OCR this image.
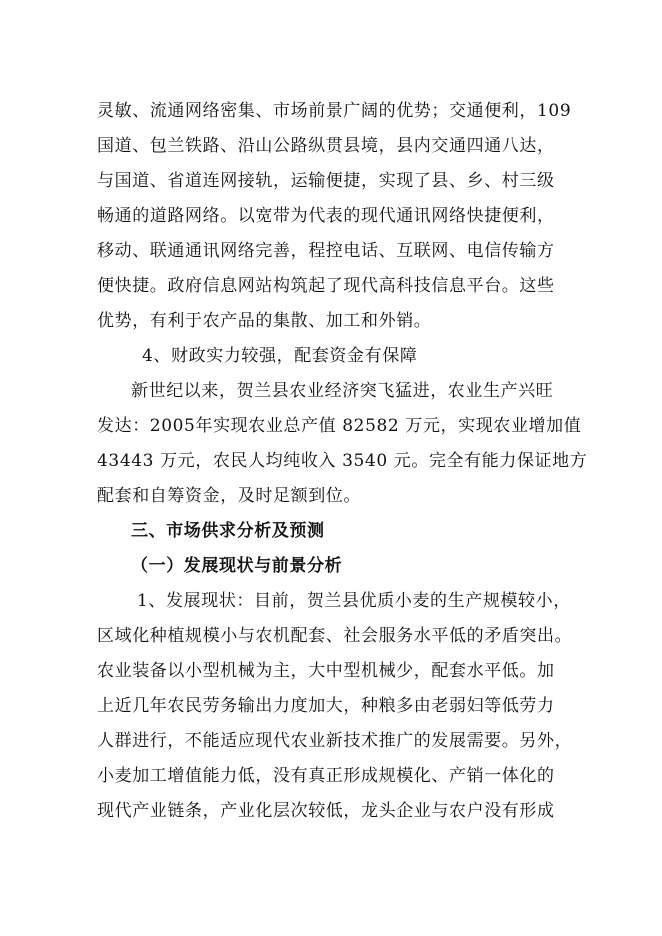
灵敏、流通网络密集、市场前景广阔的优势；交通便利，109
国道、包兰铁路、沿山公路纵贯县境，县内交通四通八达，
与国道、省道连网接轨，运输便捷，实现了县、乡、村三级
畅通的道路网络。以宽带为代表的现代通讯网络快捷便利，
移动、联通通讯网络完善，程控电话、互联网、电信传输方
便快捷。政府信息网站构筑起了现代高科技信息平台。这些
优势，有利于农产品的集散、加工和外销。
4、财政实力较强，配套资金有保障
新世纪以来，贺兰县农业经济突飞猛进，农业生产兴旺
发达：2005年实现农业总产值 82582 万元，实现农业增加值
43443 万元，农民人均纯收入 3540 元。完全有能力保证地方
配套和自筹资金，及时足额到位。
三、市场供求分析及预测
（一）发展现状与前景分析
1、发展现状：目前，贺兰县优质小麦的生产规模较小，
区域化种植规模小与农机配套、社会服务水平低的矛盾突出。
农业装备以小型机械为主，大中型机械少，配套水平低。加
上近几年农民劳务输出力度加大，种粮多由老弱妇等低劳力
人群进行，不能适应现代农业新技术推广的发展需要。另外，
小麦加工增值能力低，没有真正形成规模化、产销一体化的
现代产业链条，产业化层次较低，龙头企业与农户没有形成
